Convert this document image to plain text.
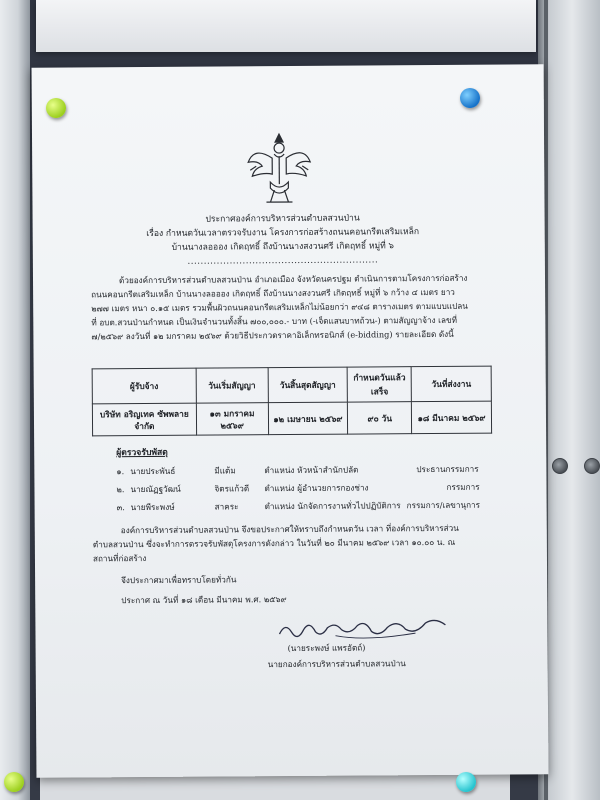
ประกาศองค์การบริหารส่วนตำบลสวนป่าน
เรื่อง กำหนดวันเวลาตรวจรับงาน โครงการก่อสร้างถนนคอนกรีตเสริมเหล็ก
บ้านนางลอออง เกิดฤทธิ์ ถึงบ้านนางสงวนศรี เกิดฤทธิ์ หมู่ที่ ๖
...........................................................
ด้วยองค์การบริหารส่วนตำบลสวนป่าน อำเภอเมือง จังหวัดนครปฐม ดำเนินการตามโครงการก่อสร้าง
ถนนคอนกรีตเสริมเหล็ก บ้านนางลอออง เกิดฤทธิ์ ถึงบ้านนางสงวนศรี เกิดฤทธิ์ หมู่ที่ ๖ กว้าง ๔ เมตร ยาว
๒๗๗ เมตร หนา ๐.๑๕ เมตร รวมพื้นผิวถนนคอนกรีตเสริมเหล็กไม่น้อยกว่า ๙๔๘ ตารางเมตร ตามแบบแปลน
ที่ อบต.สวนป่านกำหนด เป็นเงินจำนวนทั้งสิ้น ๗๐๐,๐๐๐.- บาท (-เจ็ดแสนบาทถ้วน-) ตามสัญญาจ้าง เลขที่
๗/๒๕๖๙ ลงวันที่ ๑๒ มกราคม ๒๕๖๙ ด้วยวิธีประกวดราคาอิเล็กทรอนิกส์ (e-bidding) รายละเอียด ดังนี้
ผู้รับจ้าง	วันเริ่มสัญญา	วันสิ้นสุดสัญญา	กำหนดวันแล้วเสร็จ	วันที่ส่งงาน
บริษัท อริญเทค ซัพพลาย จำกัด	๑๓ มกราคม ๒๕๖๙	๑๒ เมษายน ๒๕๖๙	๙๐ วัน	๑๘ มีนาคม ๒๕๖๙
ผู้ตรวจรับพัสดุ
๑. นายประพันธ์	มีแต้ม	ตำแหน่ง หัวหน้าสำนักปลัด	ประธานกรรมการ
๒. นายณัฏฐวัฒน์	จิตรแก้วดี ตำแหน่ง ผู้อำนวยการกองช่าง	กรรมการ
๓. นายพีระพงษ์	สาคระ	ตำแหน่ง นักจัดการงานทั่วไปปฏิบัติการ กรรมการ/เลขานุการ
องค์การบริหารส่วนตำบลสวนป่าน จึงขอประกาศให้ทราบถึงกำหนดวัน เวลา ที่องค์การบริหารส่วน
ตำบลสวนป่าน ซึ่งจะทำการตรวจรับพัสดุโครงการดังกล่าว ในวันที่ ๒๐ มีนาคม ๒๕๖๙ เวลา ๑๐.๐๐ น. ณ
สถานที่ก่อสร้าง
จึงประกาศมาเพื่อทราบโดยทั่วกัน
ประกาศ ณ วันที่ ๑๘ เดือน มีนาคม พ.ศ. ๒๕๖๙
(นายระพงษ์ แพรอัตถ์)
นายกองค์การบริหารส่วนตำบลสวนป่าน
